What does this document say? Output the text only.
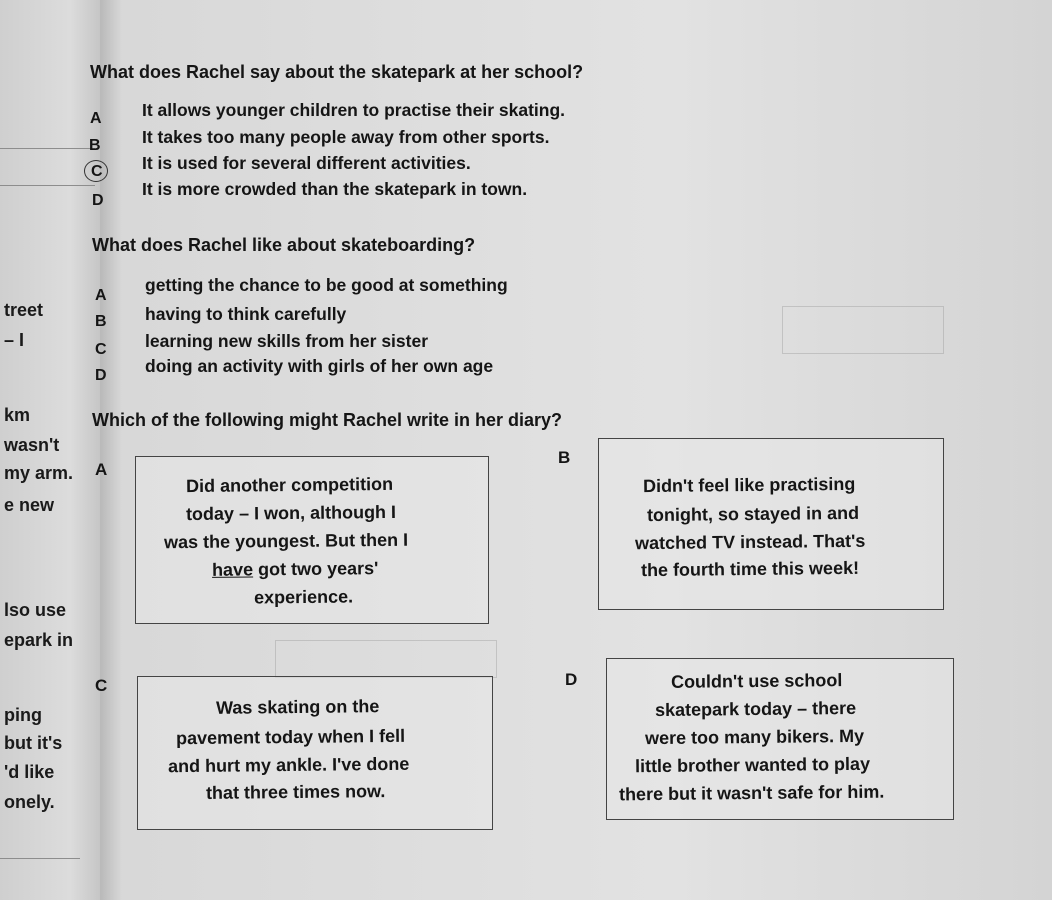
treet
– I
km
wasn't
my arm.
e new
lso use
epark in
ping
but it's
'd like
onely.
What does Rachel say about the skatepark at her school?
A It allows younger children to practise their skating.
B It takes too many people away from other sports.
C It is used for several different activities.
D
It is more crowded than the skatepark in town.
What does Rachel like about skateboarding?
A
getting the chance to be good at something
B having to think carefully
C learning new skills from her sister
D doing an activity with girls of her own age
Which of the following might Rachel write in her diary?
A
Did another competition
today – I won, although I
was the youngest. But then I
have got two years'
experience.
B
Didn't feel like practising
tonight, so stayed in and
watched TV instead. That's
the fourth time this week!
C
Was skating on the
pavement today when I fell
and hurt my ankle. I've done
that three times now.
D	Couldn't use school
skatepark today – there
were too many bikers. My
little brother wanted to play
there but it wasn't safe for him.
